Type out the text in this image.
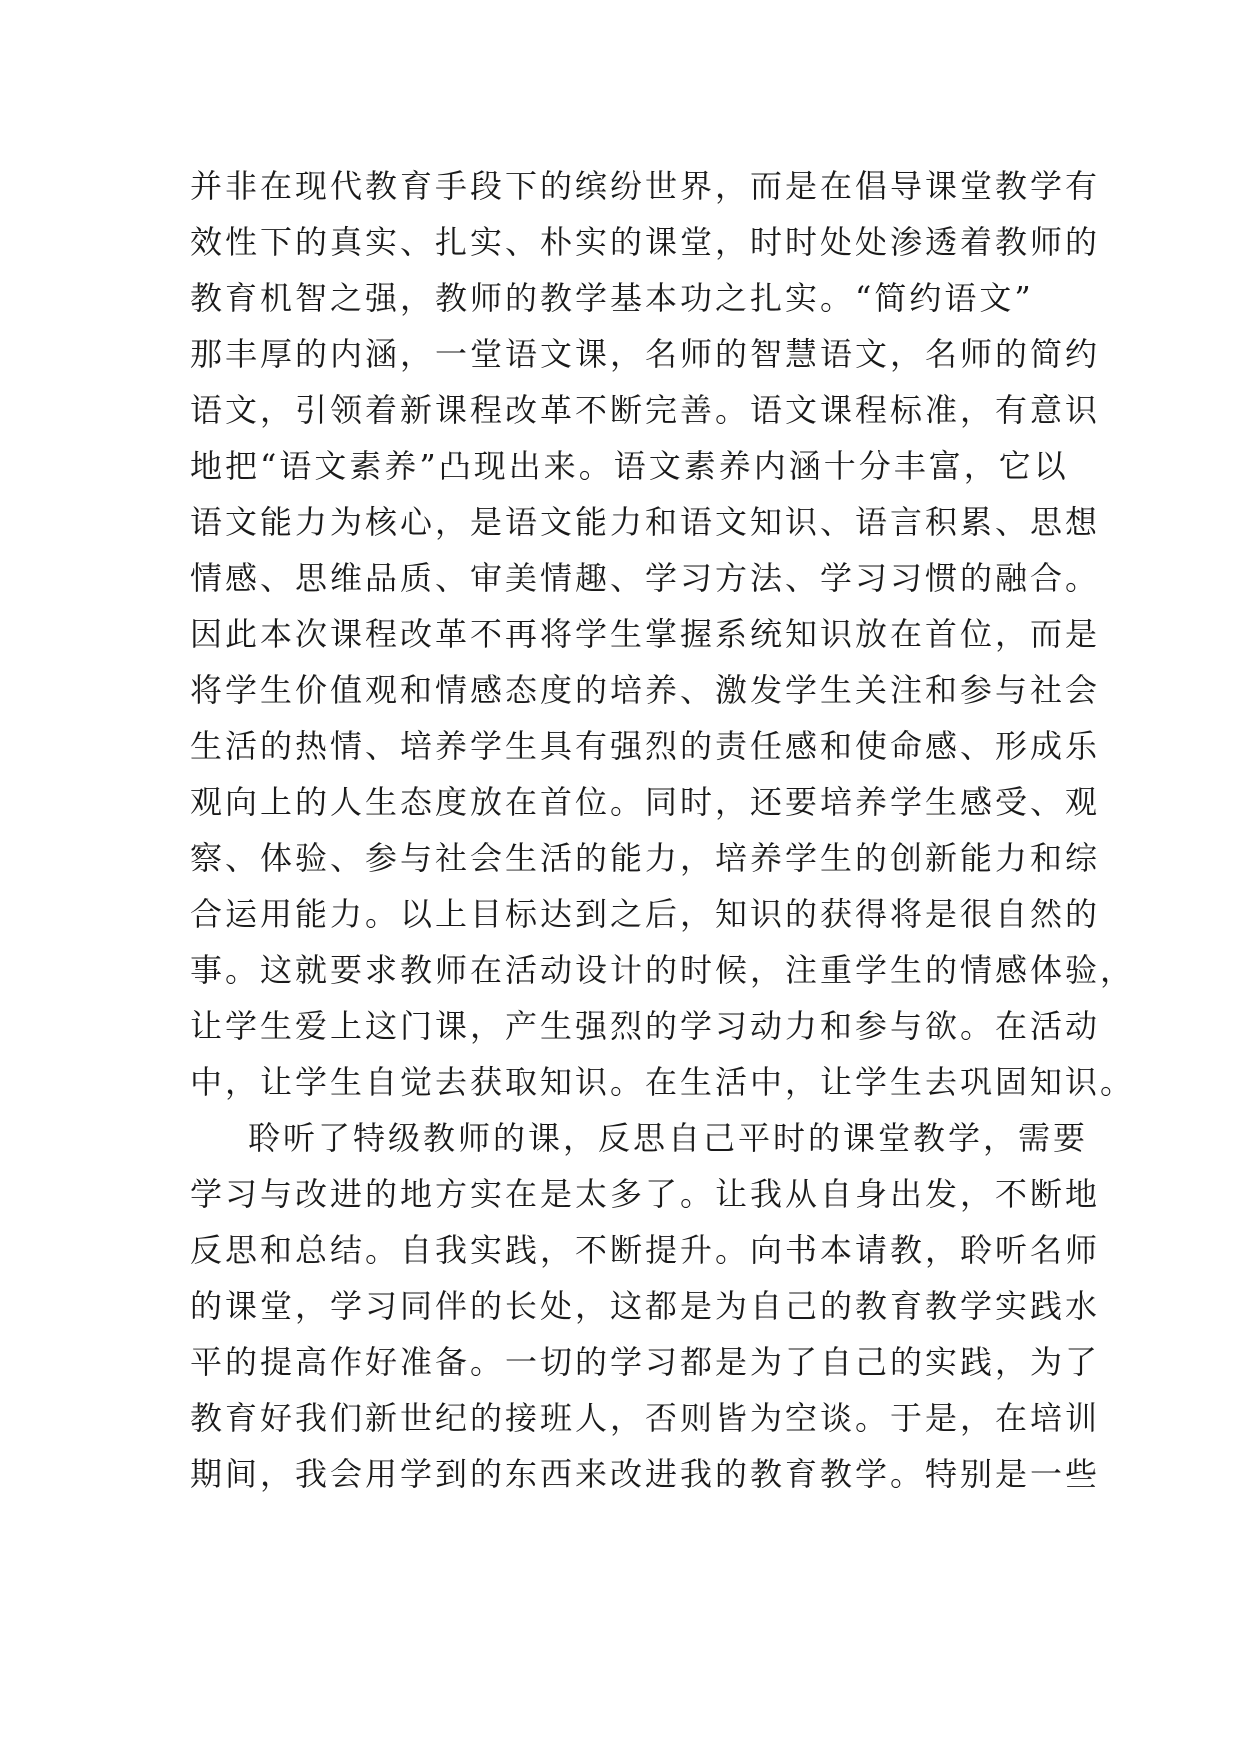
并非在现代教育手段下的缤纷世界，而是在倡导课堂教学有
效性下的真实、扎实、朴实的课堂，时时处处渗透着教师的
教育机智之强，教师的教学基本功之扎实。“简约语文”
那丰厚的内涵，一堂语文课，名师的智慧语文，名师的简约
语文，引领着新课程改革不断完善。语文课程标准，有意识
地把“语文素养”凸现出来。语文素养内涵十分丰富，它以
语文能力为核心，是语文能力和语文知识、语言积累、思想
情感、思维品质、审美情趣、学习方法、学习习惯的融合。
因此本次课程改革不再将学生掌握系统知识放在首位，而是
将学生价值观和情感态度的培养、激发学生关注和参与社会
生活的热情、培养学生具有强烈的责任感和使命感、形成乐
观向上的人生态度放在首位。同时，还要培养学生感受、观
察、体验、参与社会生活的能力，培养学生的创新能力和综
合运用能力。以上目标达到之后，知识的获得将是很自然的
事。这就要求教师在活动设计的时候，注重学生的情感体验，
让学生爱上这门课，产生强烈的学习动力和参与欲。在活动
中，让学生自觉去获取知识。在生活中，让学生去巩固知识。
聆听了特级教师的课，反思自己平时的课堂教学，需要
学习与改进的地方实在是太多了。让我从自身出发，不断地
反思和总结。自我实践，不断提升。向书本请教，聆听名师
的课堂，学习同伴的长处，这都是为自己的教育教学实践水
平的提高作好准备。一切的学习都是为了自己的实践，为了
教育好我们新世纪的接班人，否则皆为空谈。于是，在培训
期间，我会用学到的东西来改进我的教育教学。特别是一些
